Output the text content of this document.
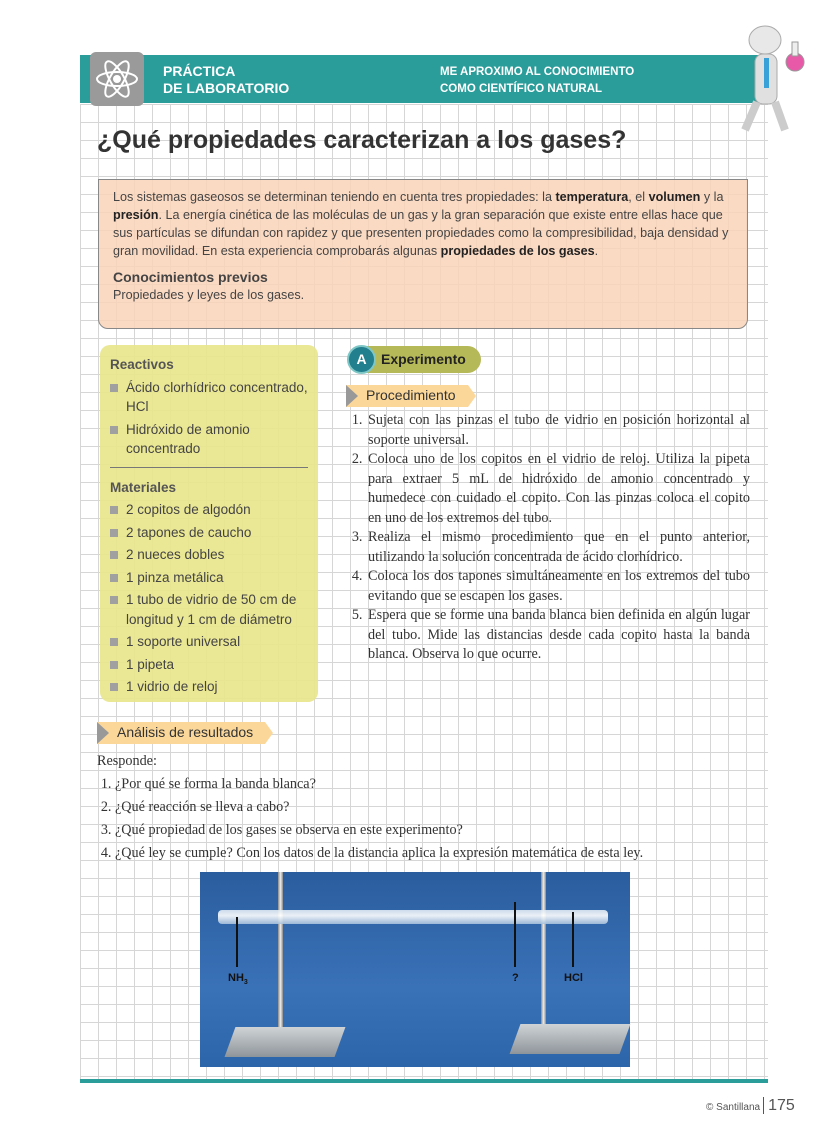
PRÁCTICA
DE LABORATORIO
ME APROXIMO AL CONOCIMIENTO
COMO CIENTÍFICO NATURAL
¿Qué propiedades caracterizan a los gases?

Los sistemas gaseosos se determinan teniendo en cuenta tres propiedades: la temperatura, el volumen y la presión. La energía cinética de las moléculas de un gas y la gran separación que existe entre ellas hace que sus partículas se difundan con rapidez y que presenten propiedades como la compresibilidad, baja densidad y gran movilidad. En esta experiencia comprobarás algunas propiedades de los gases.

Conocimientos previos
Propiedades y leyes de los gases.
Reactivos
Ácido clorhídrico concentrado, HCl
Hidróxido de amonio concentrado
Materiales
2 copitos de algodón
2 tapones de caucho
2 nueces dobles
1 pinza metálica
1 tubo de vidrio de 50 cm de longitud y 1 cm de diámetro
1 soporte universal
1 pipeta
1 vidrio de reloj
A	Experimento
Procedimiento
1. Sujeta con las pinzas el tubo de vidrio en posición horizontal al soporte universal.
2. Coloca uno de los copitos en el vidrio de reloj. Utiliza la pipeta para extraer 5 mL de hidróxido de amonio concentrado y humedece con cuidado el copito. Con las pinzas coloca el copito en uno de los extremos del tubo.
3. Realiza el mismo procedimiento que en el punto anterior, utilizando la solución concentrada de ácido clorhídrico.
4. Coloca los dos tapones simultáneamente en los extremos del tubo evitando que se escapen los gases.
5. Espera que se forme una banda blanca bien definida en algún lugar del tubo. Mide las distancias desde cada copito hasta la banda blanca. Observa lo que ocurre.
Análisis de resultados
Responde:
1. ¿Por qué se forma la banda blanca?
2. ¿Qué reacción se lleva a cabo?
3. ¿Qué propiedad de los gases se observa en este experimento?
4. ¿Qué ley se cumple? Con los datos de la distancia aplica la expresión matemática de esta ley.
$NH_3$	?	HCl
© Santillana 175
